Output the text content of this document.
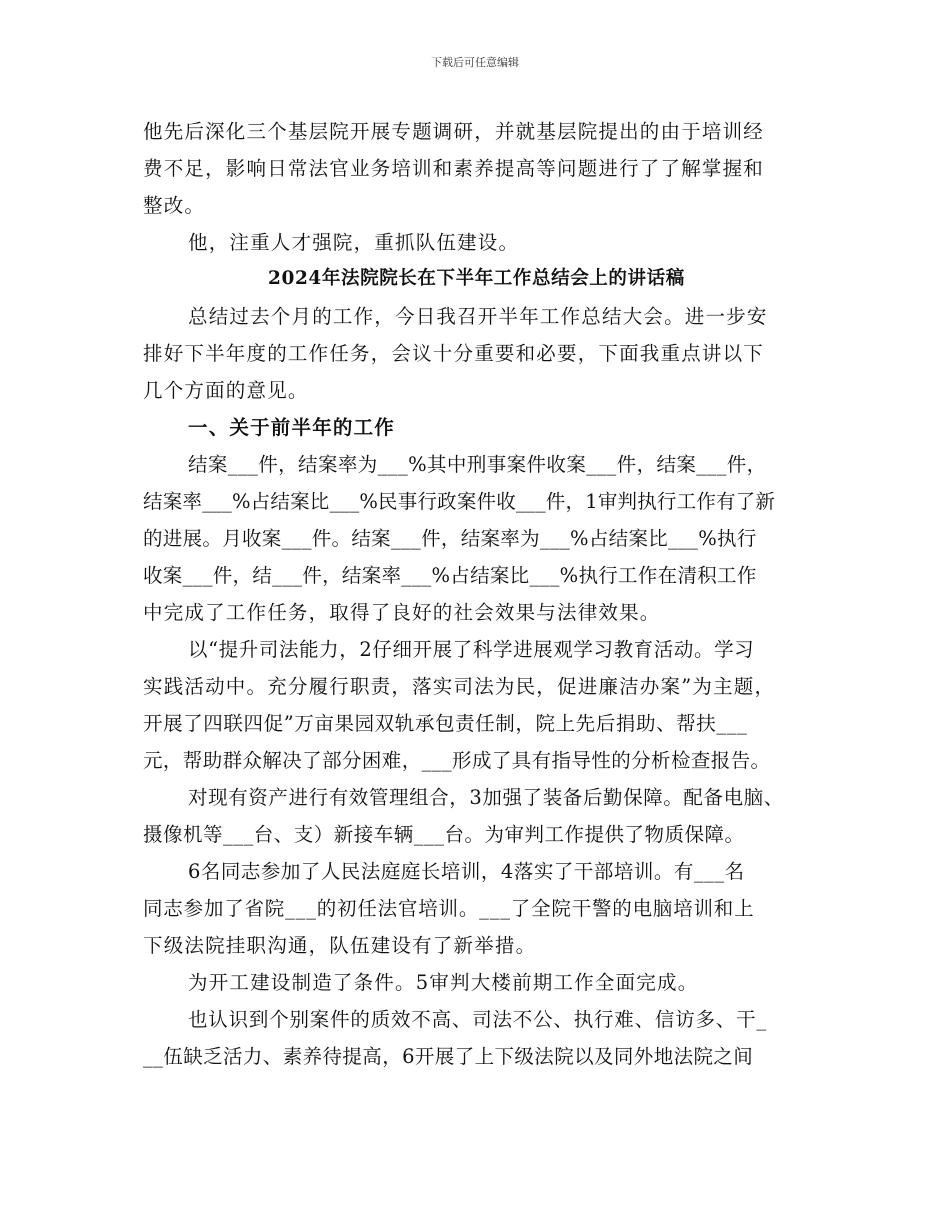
下载后可任意编辑
他先后深化三个基层院开展专题调研，并就基层院提出的由于培训经
费不足，影响日常法官业务培训和素养提高等问题进行了了解掌握和
整改。
他，注重人才强院，重抓队伍建设。
2024年法院院长在下半年工作总结会上的讲话稿
总结过去个月的工作，今日我召开半年工作总结大会。进一步安
排好下半年度的工作任务，会议十分重要和必要，下面我重点讲以下
几个方面的意见。
一、关于前半年的工作
结案___件，结案率为___%其中刑事案件收案___件，结案___件，
结案率___%占结案比___%民事行政案件收___件，1审判执行工作有了新
的进展。月收案___件。结案___件，结案率为___%占结案比___%执行
收案___件，结___件，结案率___%占结案比___%执行工作在清积工作
中完成了工作任务，取得了良好的社会效果与法律效果。
以“提升司法能力，2仔细开展了科学进展观学习教育活动。学习
实践活动中。充分履行职责，落实司法为民，促进廉洁办案”为主题，
开展了四联四促”万亩果园双轨承包责任制，院上先后捐助、帮扶___
元，帮助群众解决了部分困难，___形成了具有指导性的分析检查报告。
对现有资产进行有效管理组合，3加强了装备后勤保障。配备电脑、
摄像机等___台、支）新接车辆___台。为审判工作提供了物质保障。
6名同志参加了人民法庭庭长培训，4落实了干部培训。有___名
同志参加了省院___的初任法官培训。___了全院干警的电脑培训和上
下级法院挂职沟通，队伍建设有了新举措。
为开工建设制造了条件。5审判大楼前期工作全面完成。
也认识到个别案件的质效不高、司法不公、执行难、信访多、干_
__伍缺乏活力、素养待提高，6开展了上下级法院以及同外地法院之间
